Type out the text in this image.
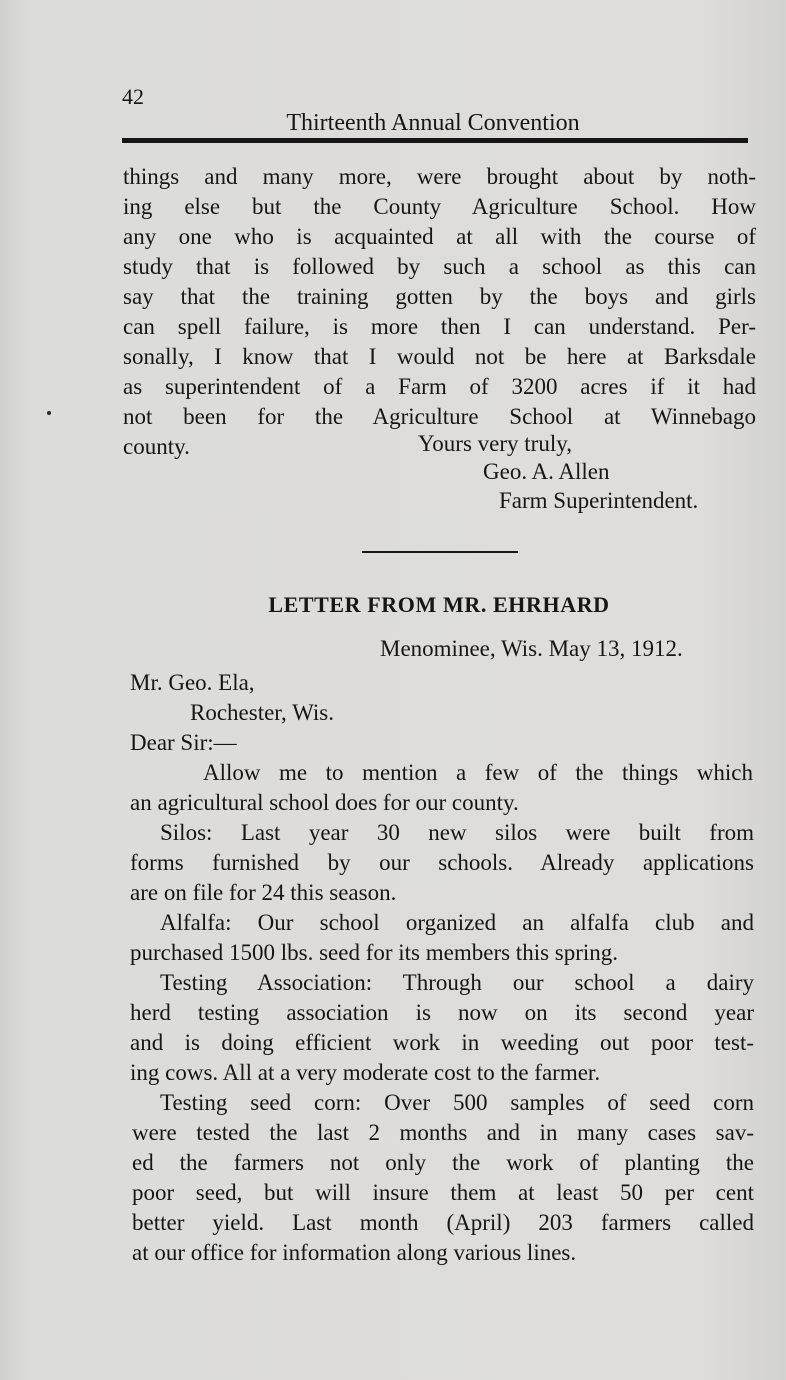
42
Thirteenth Annual Convention
things and many more, were brought about by noth-
ing else but the County Agriculture School. How
any one who is acquainted at all with the course of
study that is followed by such a school as this can
say that the training gotten by the boys and girls
can spell failure, is more then I can understand. Per-
sonally, I know that I would not be here at Barksdale
as superintendent of a Farm of 3200 acres if it had
not been for the Agriculture School at Winnebago
county.	Yours very truly,
Geo. A. Allen
Farm Superintendent.
LETTER FROM MR. EHRHARD
Menominee, Wis. May 13, 1912.
Mr. Geo. Ela,
Rochester, Wis.
Dear Sir:—
Allow me to mention a few of the things which
an agricultural school does for our county.
Silos: Last year 30 new silos were built from
forms furnished by our schools. Already applications
are on file for 24 this season.
Alfalfa: Our school organized an alfalfa club and
purchased 1500 lbs. seed for its members this spring.
Testing Association: Through our school a dairy
herd testing association is now on its second year
and is doing efficient work in weeding out poor test-
ing cows. All at a very moderate cost to the farmer.
Testing seed corn: Over 500 samples of seed corn
were tested the last 2 months and in many cases sav-
ed the farmers not only the work of planting the
poor seed, but will insure them at least 50 per cent
better yield. Last month (April) 203 farmers called
at our office for information along various lines.
